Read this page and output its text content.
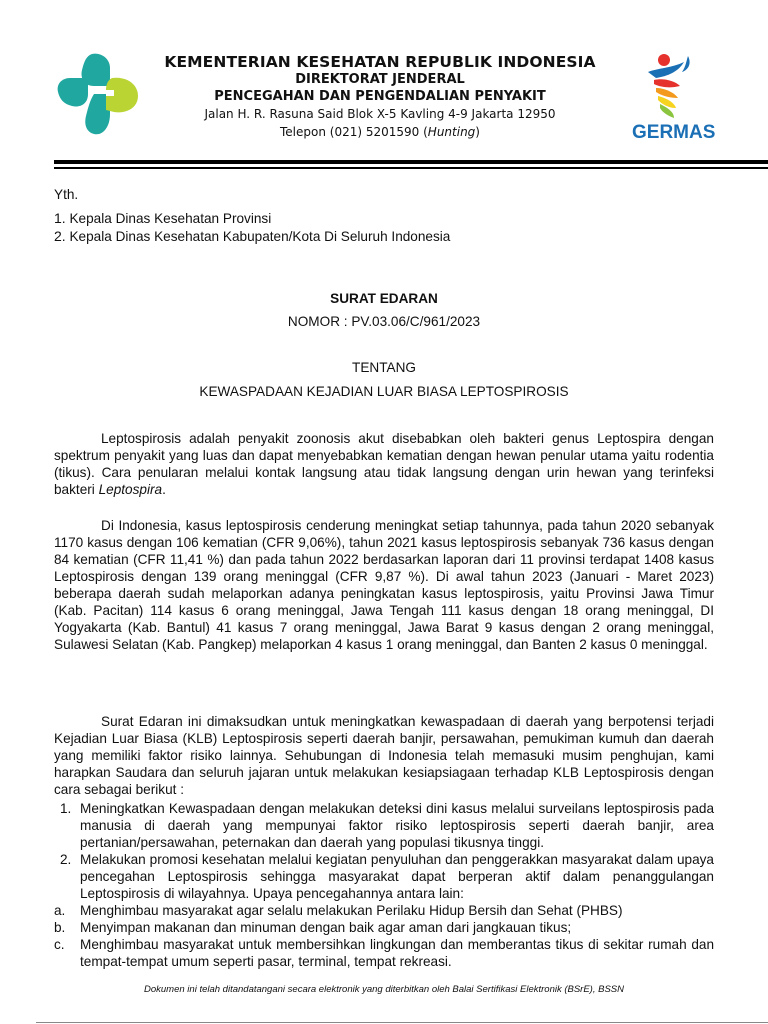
KEMENTERIAN KESEHATAN REPUBLIK INDONESIA
DIREKTORAT JENDERAL
PENCEGAHAN DAN PENGENDALIAN PENYAKIT
Jalan H. R. Rasuna Said Blok X-5 Kavling 4-9 Jakarta 12950
Telepon (021) 5201590 (Hunting)	GERMAS
Yth.
1. Kepala Dinas Kesehatan Provinsi
2. Kepala Dinas Kesehatan Kabupaten/Kota Di Seluruh Indonesia
SURAT EDARAN
NOMOR : PV.03.06/C/961/2023
TENTANG
KEWASPADAAN KEJADIAN LUAR BIASA LEPTOSPIROSIS

Leptospirosis adalah penyakit zoonosis akut disebabkan oleh bakteri genus Leptospira dengan spektrum penyakit yang luas dan dapat menyebabkan kematian dengan hewan penular utama yaitu rodentia (tikus). Cara penularan melalui kontak langsung atau tidak langsung dengan urin hewan yang terinfeksi bakteri Leptospira.

Di Indonesia, kasus leptospirosis cenderung meningkat setiap tahunnya, pada tahun 2020 sebanyak 1170 kasus dengan 106 kematian (CFR 9,06%), tahun 2021 kasus leptospirosis sebanyak 736 kasus dengan 84 kematian (CFR 11,41 %) dan pada tahun 2022 berdasarkan laporan dari 11 provinsi terdapat 1408 kasus Leptospirosis dengan 139 orang meninggal (CFR 9,87 %). Di awal tahun 2023 (Januari - Maret 2023) beberapa daerah sudah melaporkan adanya peningkatan kasus leptospirosis, yaitu Provinsi Jawa Timur (Kab. Pacitan) 114 kasus 6 orang meninggal, Jawa Tengah 111 kasus dengan 18 orang meninggal, DI Yogyakarta (Kab. Bantul) 41 kasus 7 orang meninggal, Jawa Barat 9 kasus dengan 2 orang meninggal, Sulawesi Selatan (Kab. Pangkep) melaporkan 4 kasus 1 orang meninggal, dan Banten 2 kasus 0 meninggal.

Surat Edaran ini dimaksudkan untuk meningkatkan kewaspadaan di daerah yang berpotensi terjadi Kejadian Luar Biasa (KLB) Leptospirosis seperti daerah banjir, persawahan, pemukiman kumuh dan daerah yang memiliki faktor risiko lainnya. Sehubungan di Indonesia telah memasuki musim penghujan, kami harapkan Saudara dan seluruh jajaran untuk melakukan kesiapsiagaan terhadap KLB Leptospirosis dengan cara sebagai berikut :

1. Meningkatkan Kewaspadaan dengan melakukan deteksi dini kasus melalui surveilans leptospirosis pada manusia di daerah yang mempunyai faktor risiko leptospirosis seperti daerah banjir, area pertanian/persawahan, peternakan dan daerah yang populasi tikusnya tinggi.
2. Melakukan promosi kesehatan melalui kegiatan penyuluhan dan penggerakkan masyarakat dalam upaya pencegahan Leptospirosis sehingga masyarakat dapat berperan aktif dalam penanggulangan Leptospirosis di wilayahnya. Upaya pencegahannya antara lain:
a. Menghimbau masyarakat agar selalu melakukan Perilaku Hidup Bersih dan Sehat (PHBS)
b. Menyimpan makanan dan minuman dengan baik agar aman dari jangkauan tikus;
c. Menghimbau masyarakat untuk membersihkan lingkungan dan memberantas tikus di sekitar rumah dan tempat-tempat umum seperti pasar, terminal, tempat rekreasi.
Dokumen ini telah ditandatangani secara elektronik yang diterbitkan oleh Balai Sertifikasi Elektronik (BSrE), BSSN
